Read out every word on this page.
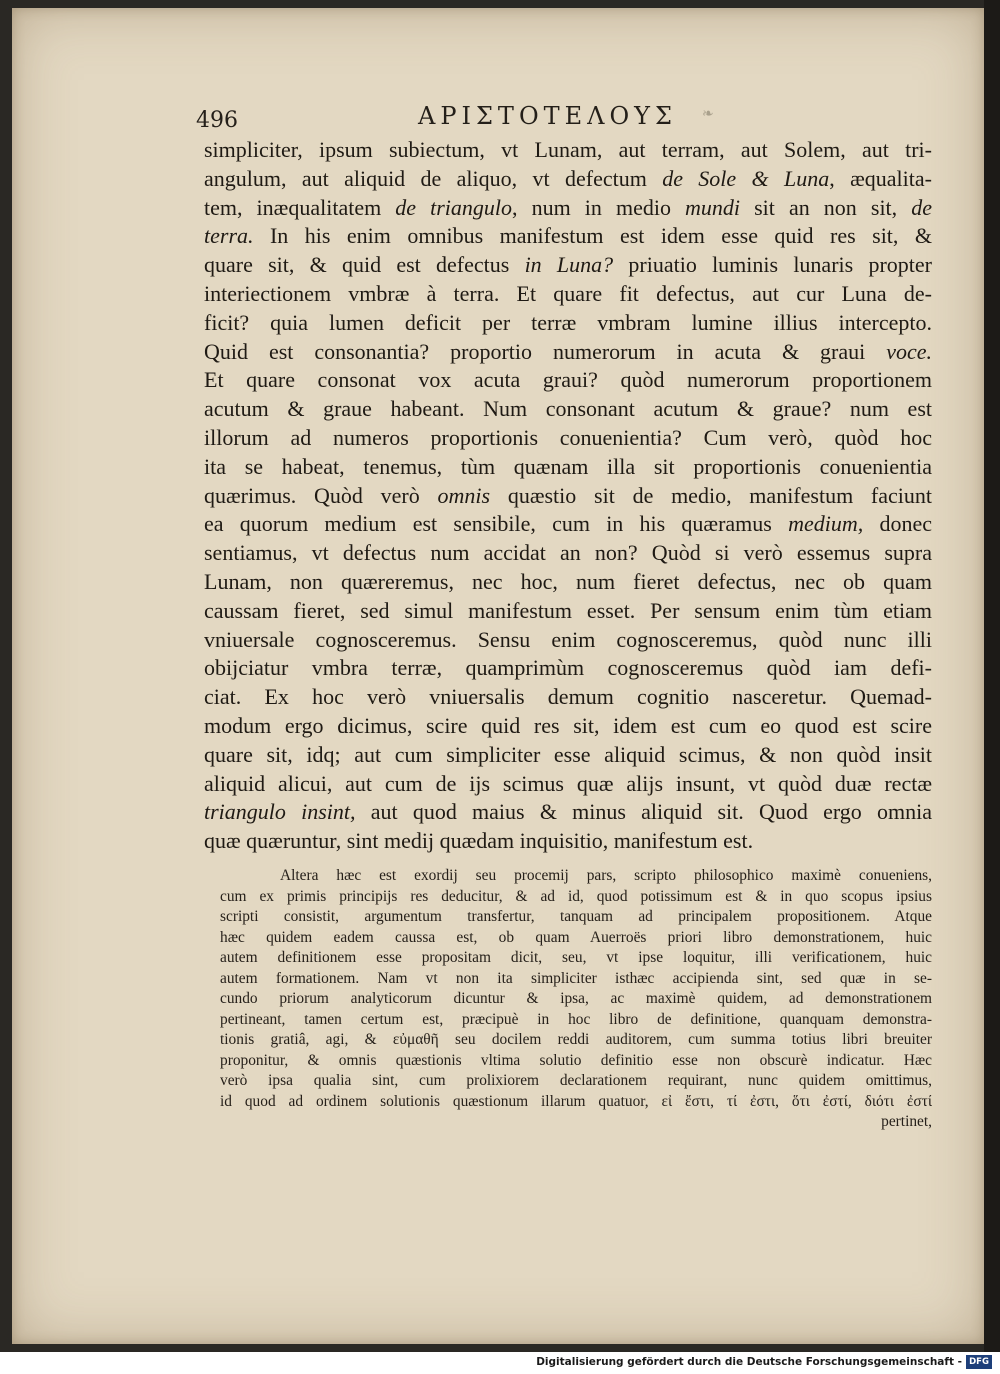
496	ΑΡΙΣΤΟΤΕΛΟΥΣ ❧
simpliciter, ipsum subiectum, vt Lunam, aut terram, aut Solem, aut tri-
angulum, aut aliquid de aliquo, vt defectum de Sole & Luna, æqualita-
tem, inæqualitatem de triangulo, num in medio mundi sit an non sit, de
terra. In his enim omnibus manifestum est idem esse quid res sit, &
quare sit, & quid est defectus in Luna? priuatio luminis lunaris propter
interiectionem vmbræ à terra. Et quare fit defectus, aut cur Luna de-
ficit? quia lumen deficit per terræ vmbram lumine illius intercepto.
Quid est consonantia? proportio numerorum in acuta & graui voce.
Et quare consonat vox acuta graui? quòd numerorum proportionem
acutum & graue habeant. Num consonant acutum & graue? num est
illorum ad numeros proportionis conuenientia? Cum verò, quòd hoc
ita se habeat, tenemus, tùm quænam illa sit proportionis conuenientia
quærimus. Quòd verò omnis quæstio sit de medio, manifestum faciunt
ea quorum medium est sensibile, cum in his quæramus medium, donec
sentiamus, vt defectus num accidat an non? Quòd si verò essemus supra
Lunam, non quæreremus, nec hoc, num fieret defectus, nec ob quam
caussam fieret, sed simul manifestum esset. Per sensum enim tùm etiam
vniuersale cognosceremus. Sensu enim cognosceremus, quòd nunc illi
obijciatur vmbra terræ, quamprimùm cognosceremus quòd iam defi-
ciat. Ex hoc verò vniuersalis demum cognitio nasceretur. Quemad-
modum ergo dicimus, scire quid res sit, idem est cum eo quod est scire
quare sit, idq; aut cum simpliciter esse aliquid scimus, & non quòd insit
aliquid alicui, aut cum de ijs scimus quæ alijs insunt, vt quòd duæ rectæ
triangulo insint, aut quod maius & minus aliquid sit. Quod ergo omnia
quæ quæruntur, sint medij quædam inquisitio, manifestum est.
Altera hæc est exordij seu procemij pars, scripto philosophico maximè conueniens,
cum ex primis principijs res deducitur, & ad id, quod potissimum est & in quo scopus ipsius
scripti consistit, argumentum transfertur, tanquam ad principalem propositionem. Atque
hæc quidem eadem caussa est, ob quam Auerroës priori libro demonstrationem, huic
autem definitionem esse propositam dicit, seu, vt ipse loquitur, illi verificationem, huic
autem formationem. Nam vt non ita simpliciter isthæc accipienda sint, sed quæ in se-
cundo priorum analyticorum dicuntur & ipsa, ac maximè quidem, ad demonstrationem
pertineant, tamen certum est, præcipuè in hoc libro de definitione, quanquam demonstra-
tionis gratiâ, agi, & εὐμαθῆ seu docilem reddi auditorem, cum summa totius libri breuiter
proponitur, & omnis quæstionis vltima solutio definitio esse non obscurè indicatur. Hæc
verò ipsa qualia sint, cum prolixiorem declarationem requirant, nunc quidem omittimus,
id quod ad ordinem solutionis quæstionum illarum quatuor, εἰ ἔστι, τί ἐστι, ὅτι ἐστί, διότι ἐστί
pertinet,
Digitalisierung gefördert durch die Deutsche Forschungsgemeinschaft - DFG
